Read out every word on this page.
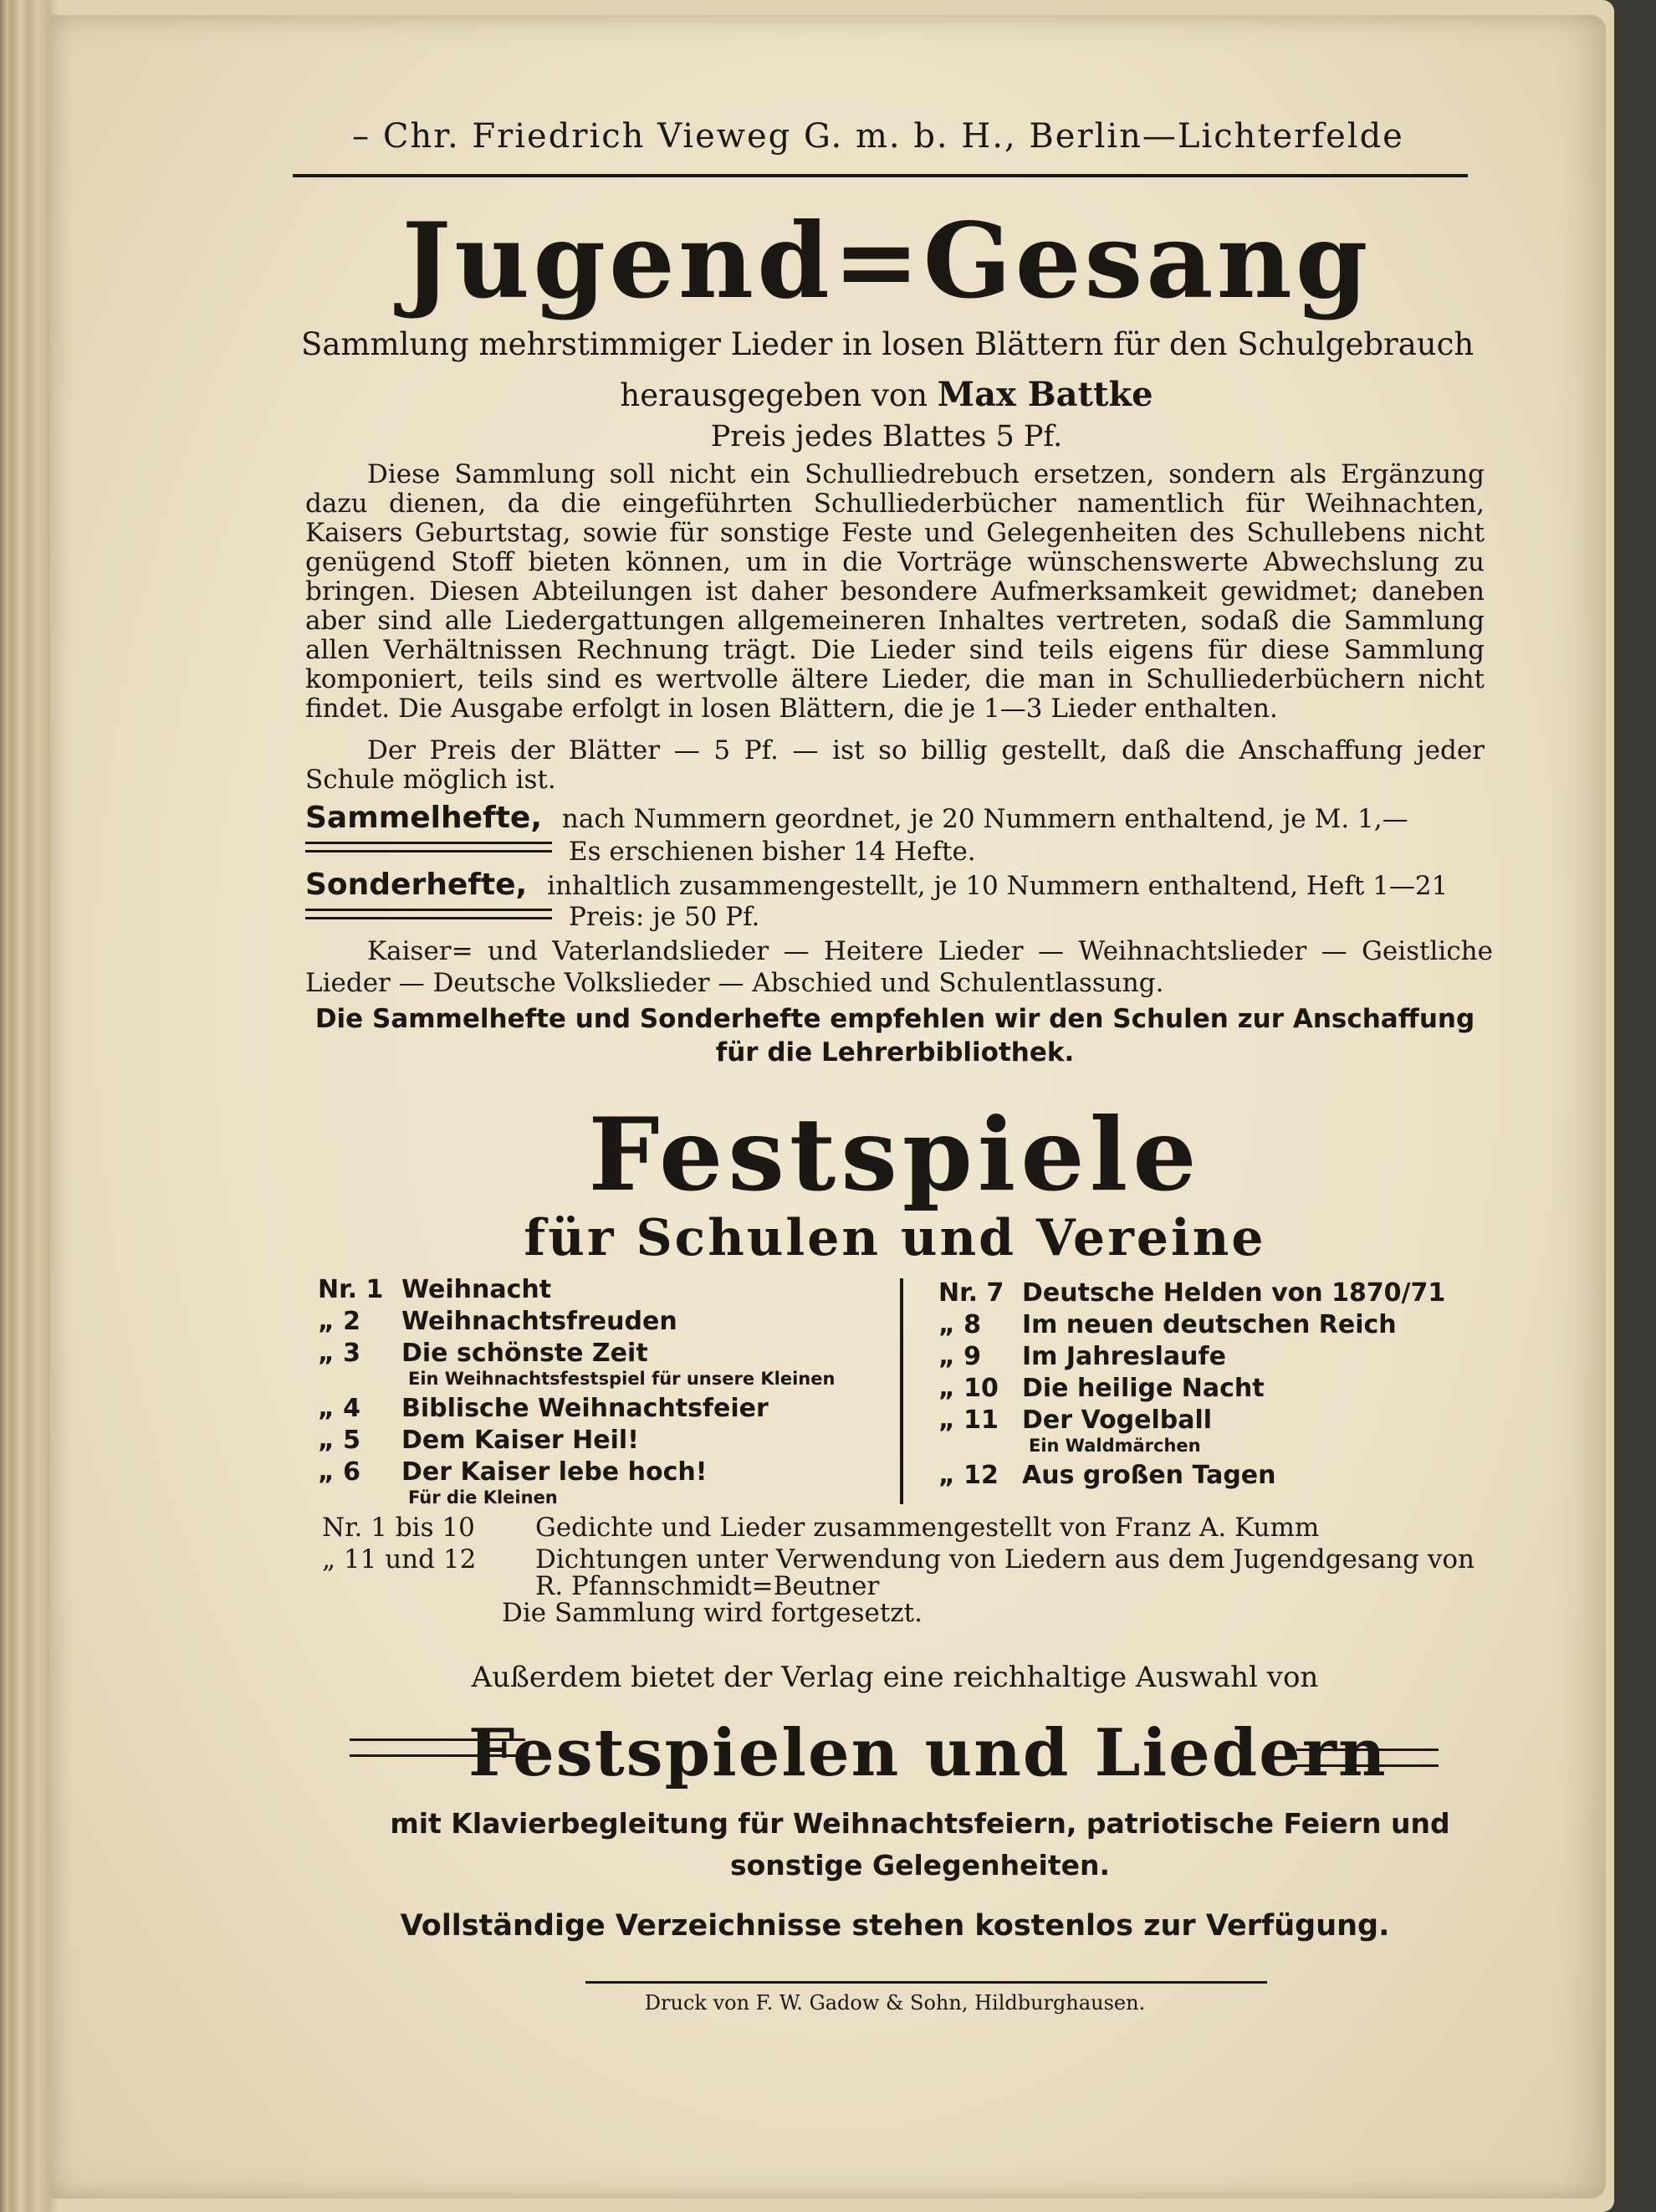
– Chr. Friedrich Vieweg G. m. b. H., Berlin—Lichterfelde
Jugend=Gesang
Sammlung mehrstimmiger Lieder in losen Blättern für den Schulgebrauch
herausgegeben von Max Battke
Preis jedes Blattes 5 Pf.
Diese Sammlung soll nicht ein Schulliedrebuch ersetzen, sondern als Ergänzung dazu dienen, da die eingeführten Schulliederbücher namentlich für Weihnachten, Kaisers Geburtstag, sowie für sonstige Feste und Gelegenheiten des Schullebens nicht genügend Stoff bieten können, um in die Vorträge wünschenswerte Abwechslung zu bringen. Diesen Abteilungen ist daher besondere Aufmerksamkeit gewidmet; daneben aber sind alle Liedergattungen allgemeineren Inhaltes vertreten, sodaß die Sammlung allen Verhältnissen Rechnung trägt. Die Lieder sind teils eigens für diese Sammlung komponiert, teils sind es wertvolle ältere Lieder, die man in Schulliederbüchern nicht findet. Die Ausgabe erfolgt in losen Blättern, die je 1—3 Lieder enthalten.
Der Preis der Blätter — 5 Pf. — ist so billig gestellt, daß die Anschaffung jeder Schule möglich ist.
Sammelhefte, nach Nummern geordnet, je 20 Nummern enthaltend, je M. 1,—
Es erschienen bisher 14 Hefte.
Sonderhefte, inhaltlich zusammengestellt, je 10 Nummern enthaltend, Heft 1—21
Preis: je 50 Pf.
Kaiser= und Vaterlandslieder — Heitere Lieder — Weihnachtslieder — Geistliche Lieder — Deutsche Volkslieder — Abschied und Schulentlassung.
Die Sammelhefte und Sonderhefte empfehlen wir den Schulen zur Anschaffung für die Lehrerbibliothek.
Festspiele
für Schulen und Vereine
Nr. 1 Weihnacht
„ 2 Weihnachtsfreuden
„ 3 Die schönste Zeit
Ein Weihnachtsfestspiel für unsere Kleinen
„ 4 Biblische Weihnachtsfeier
„ 5 Dem Kaiser Heil!
„ 6 Der Kaiser lebe hoch!
Für die Kleinen
Nr. 7 Deutsche Helden von 1870/71
„ 8 Im neuen deutschen Reich
„ 9 Im Jahreslaufe
„ 10 Die heilige Nacht
„ 11 Der Vogelball
Ein Waldmärchen
„ 12 Aus großen Tagen
Nr. 1 bis 10 Gedichte und Lieder zusammengestellt von Franz A. Kumm
„ 11 und 12 Dichtungen unter Verwendung von Liedern aus dem Jugendgesang von
R. Pfannschmidt=Beutner
Die Sammlung wird fortgesetzt.
Außerdem bietet der Verlag eine reichhaltige Auswahl von
Festspielen und Liedern
mit Klavierbegleitung für Weihnachtsfeiern, patriotische Feiern und sonstige Gelegenheiten.
Vollständige Verzeichnisse stehen kostenlos zur Verfügung.
Druck von F. W. Gadow & Sohn, Hildburghausen.
